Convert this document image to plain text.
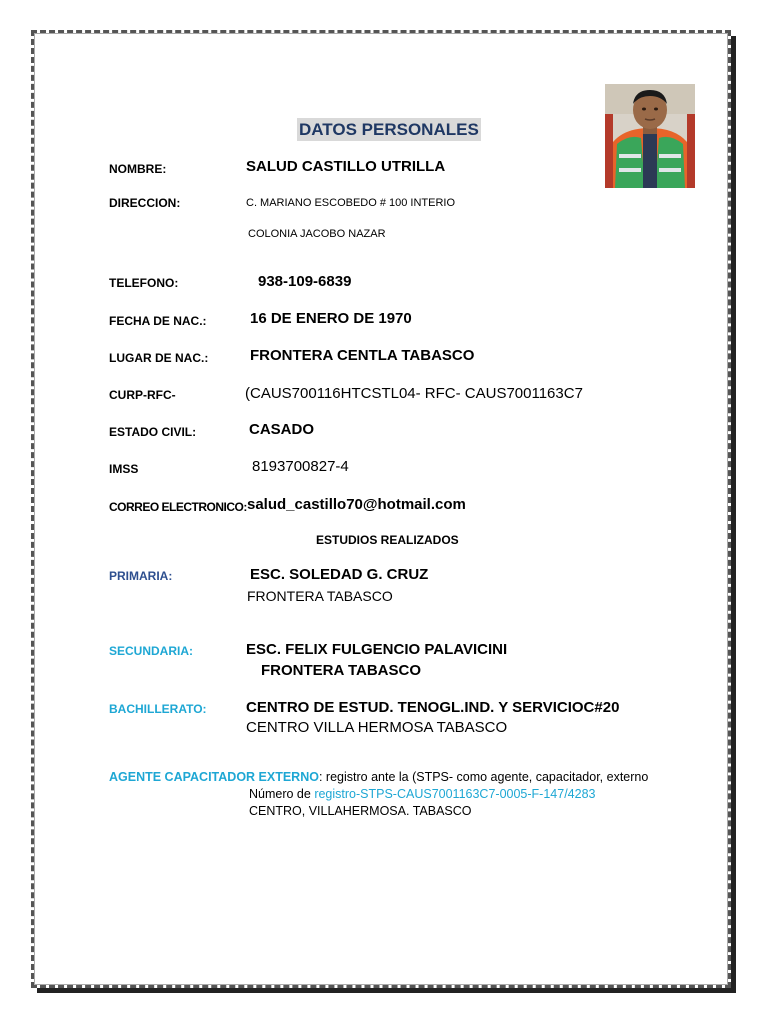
DATOS PERSONALES
NOMBRE:	SALUD CASTILLO UTRILLA
DIRECCION:	C. MARIANO ESCOBEDO # 100 INTERIO
COLONIA JACOBO NAZAR
TELEFONO:	938-109-6839
FECHA DE NAC.:	16 DE ENERO DE 1970
LUGAR DE NAC.:	FRONTERA CENTLA TABASCO
CURP-RFC-	(CAUS700116HTCSTL04- RFC- CAUS7001163C7
ESTADO CIVIL:	CASADO
IMSS	8193700827-4
CORREO ELECTRONICO: salud_castillo70@hotmail.com
ESTUDIOS REALIZADOS
PRIMARIA:	ESC. SOLEDAD G. CRUZ
FRONTERA TABASCO
SECUNDARIA:	ESC. FELIX FULGENCIO PALAVICINI
FRONTERA TABASCO
BACHILLERATO:	CENTRO DE ESTUD. TENOGL.IND. Y SERVICIOC#20
CENTRO VILLA HERMOSA TABASCO
AGENTE CAPACITADOR EXTERNO: registro ante la (STPS- como agente, capacitador, externo
Número de registro-STPS-CAUS7001163C7-0005-F-147/4283
CENTRO, VILLAHERMOSA. TABASCO
